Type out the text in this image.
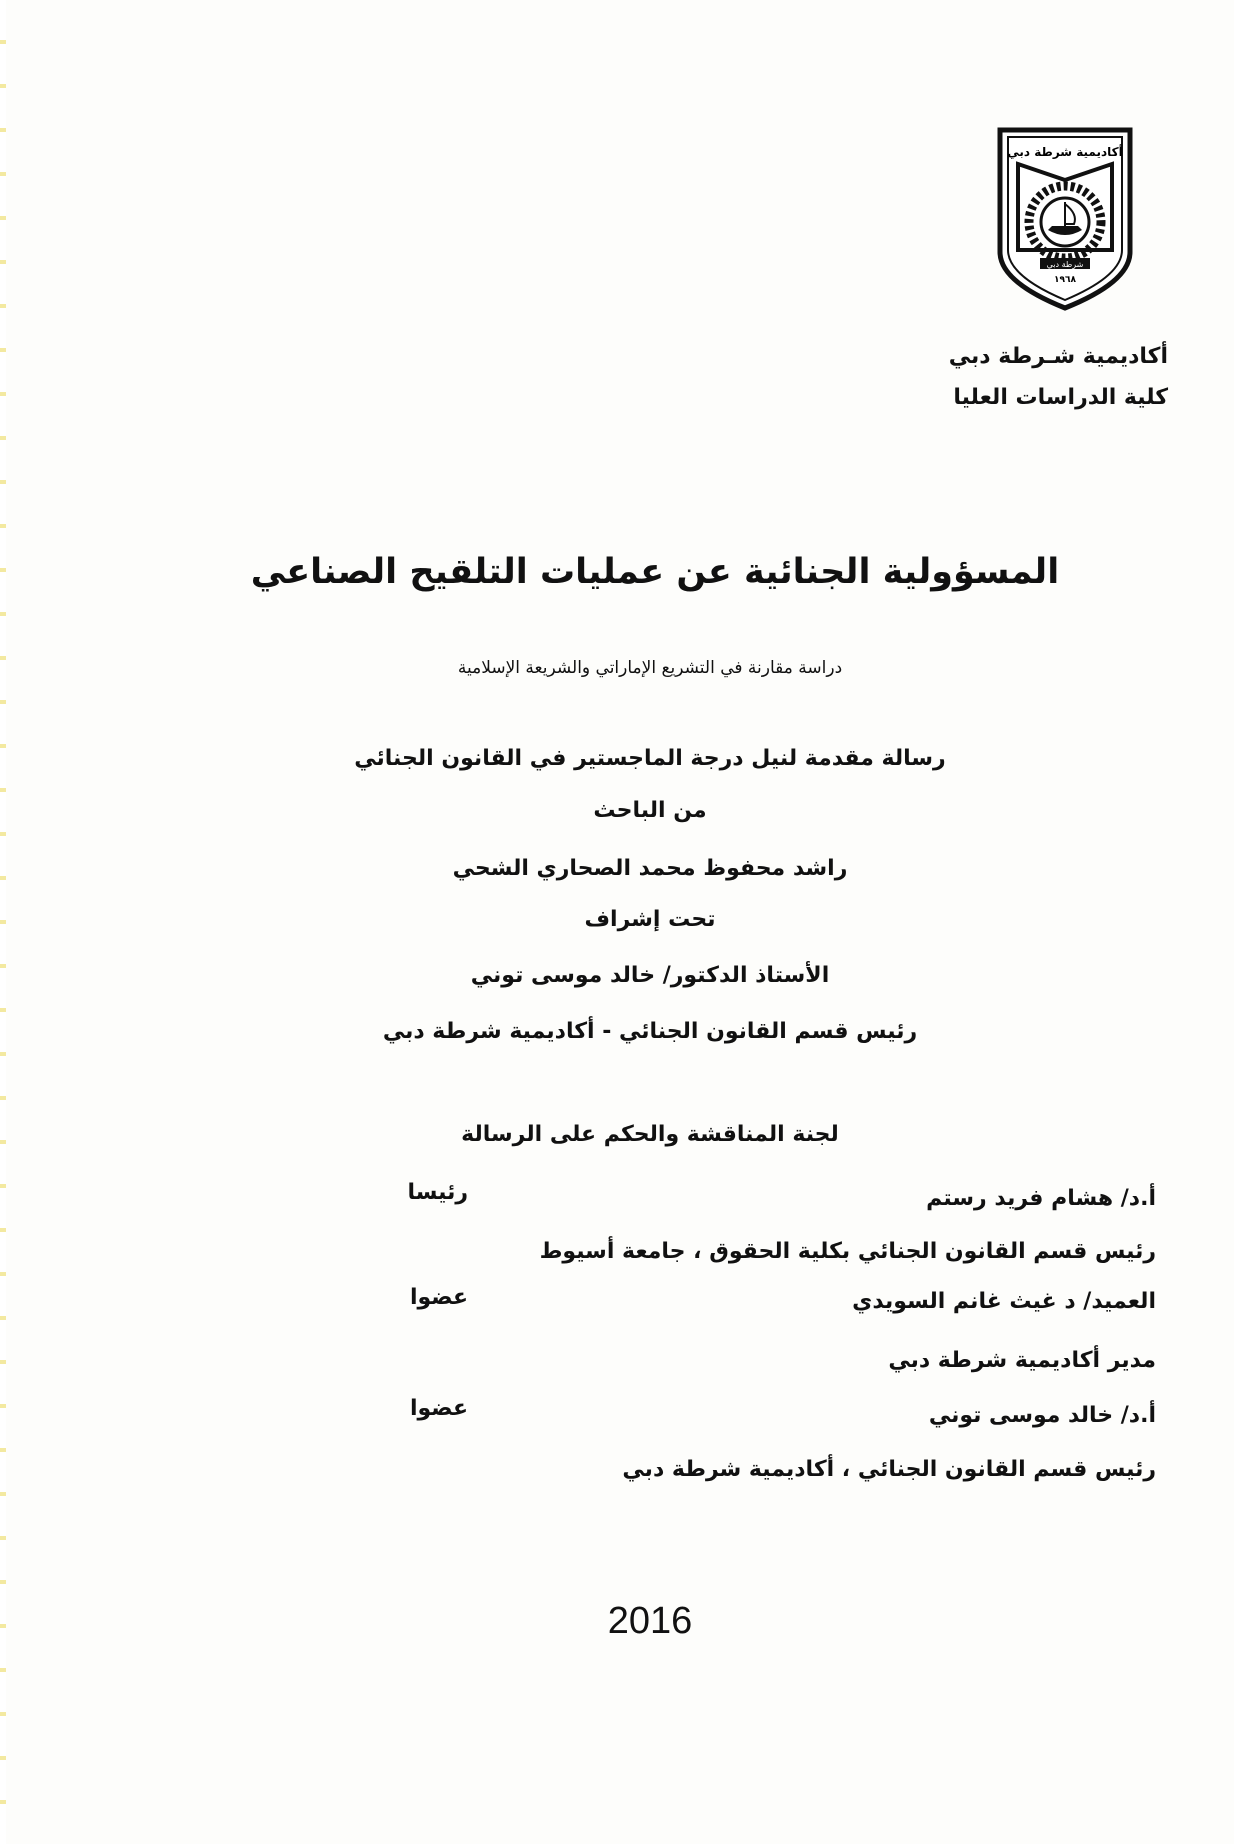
أكاديمية شرطة دبي
شرطة دبي
١٩٦٨
أكاديمية شـرطة دبي
كلية الدراسات العليا
المسؤولية الجنائية عن عمليات التلقيح الصناعي
دراسة مقارنة في التشريع الإماراتي والشريعة الإسلامية
رسالة مقدمة لنيل درجة الماجستير في القانون الجنائي
من الباحث
راشد محفوظ محمد الصحاري الشحي
تحت إشراف
الأستاذ الدكتور/ خالد موسى توني
رئيس قسم القانون الجنائي - أكاديمية شرطة دبي
لجنة المناقشة والحكم على الرسالة
أ.د/ هشام فريد رستم
رئيسا
رئيس قسم القانون الجنائي بكلية الحقوق ، جامعة أسيوط
العميد/ د غيث غانم السويدي
عضوا
مدير أكاديمية شرطة دبي
أ.د/ خالد موسى توني
عضوا
رئيس قسم القانون الجنائي ، أكاديمية شرطة دبي
2016
